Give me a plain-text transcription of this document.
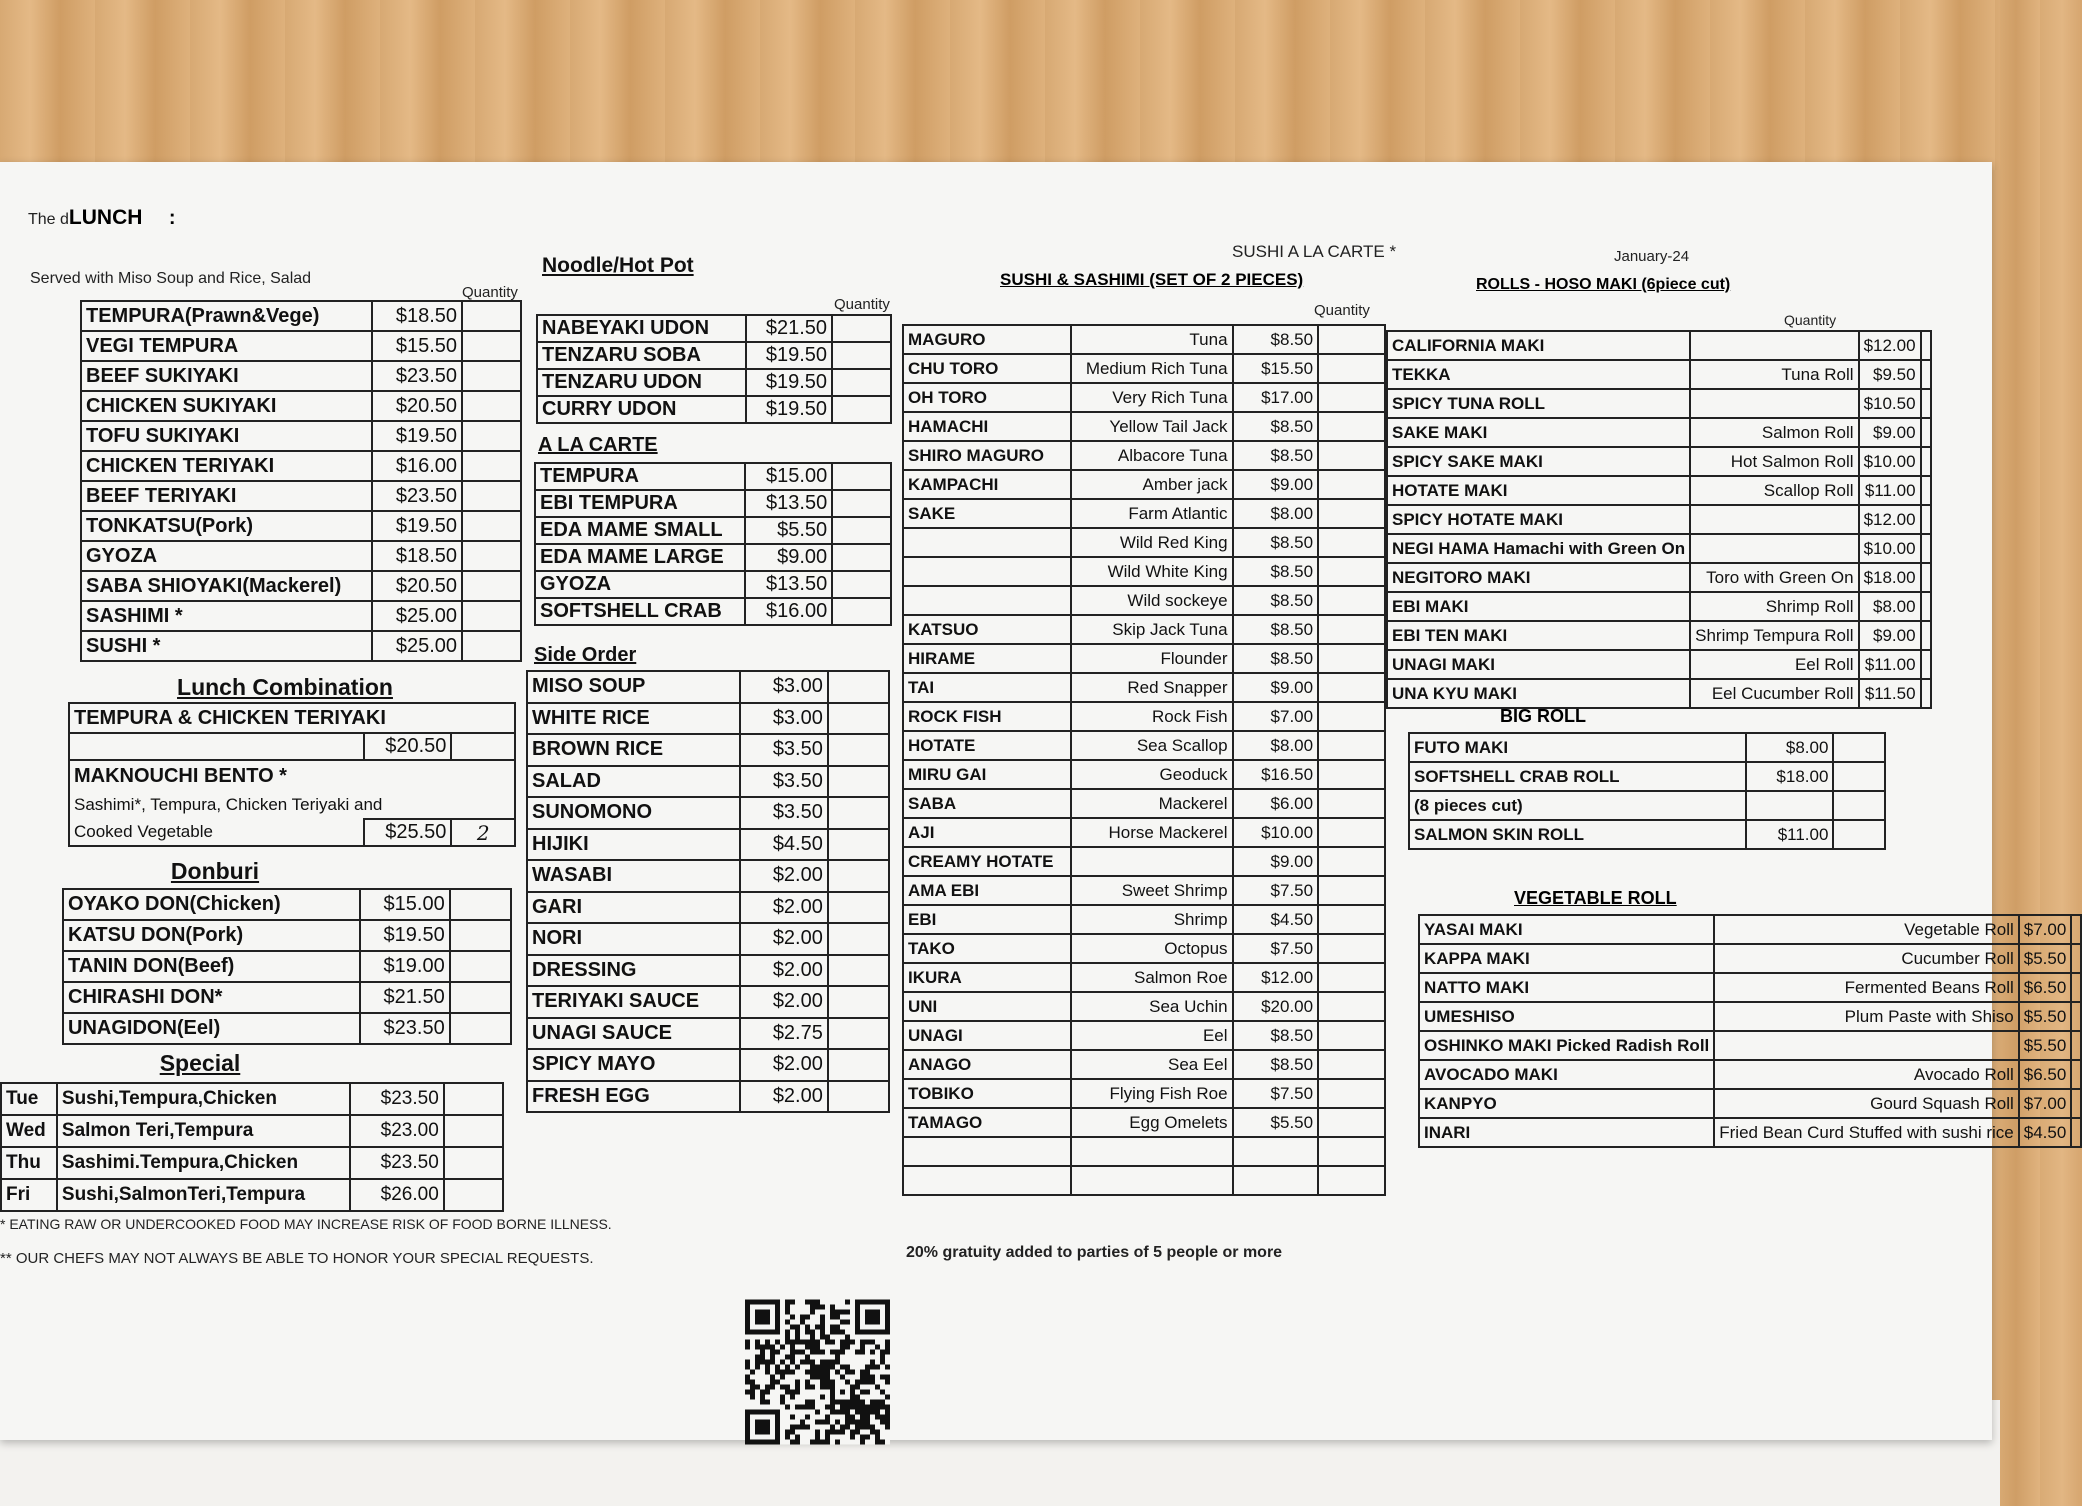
The dLUNCH :
Served with Miso Soup and Rice, Salad
Quantity
TEMPURA(Prawn&Vege)	$18.50	
VEGI TEMPURA	$15.50	
BEEF SUKIYAKI	$23.50	
CHICKEN SUKIYAKI	$20.50	
TOFU SUKIYAKI	$19.50	
CHICKEN TERIYAKI	$16.00	
BEEF TERIYAKI	$23.50	
TONKATSU(Pork)	$19.50	
GYOZA	$18.50	
SABA SHIOYAKI(Mackerel)	$20.50	
SASHIMI *	$25.00	
SUSHI *	$25.00	
Lunch Combination
TEMPURA & CHICKEN TERIYAKI		
	$20.50	
MAKNOUCHI BENTO *		
Sashimi*, Tempura, Chicken Teriyaki and		
Cooked Vegetable	$25.50	2
Donburi
OYAKO DON(Chicken)	$15.00	
KATSU DON(Pork)	$19.50	
TANIN DON(Beef)	$19.00	
CHIRASHI DON*	$21.50	
UNAGIDON(Eel)	$23.50	
Special
Tue	Sushi,Tempura,Chicken	$23.50	
Wed	Salmon Teri,Tempura	$23.00	
Thu	Sashimi.Tempura,Chicken	$23.50	
Fri	Sushi,SalmonTeri,Tempura	$26.00	
* EATING RAW OR UNDERCOOKED FOOD MAY INCREASE RISK OF FOOD BORNE ILLNESS.
** OUR CHEFS MAY NOT ALWAYS BE ABLE TO HONOR YOUR SPECIAL REQUESTS.
Noodle/Hot Pot
Quantity
NABEYAKI UDON	$21.50	
TENZARU SOBA	$19.50	
TENZARU UDON	$19.50	
CURRY UDON	$19.50	
A LA CARTE
TEMPURA	$15.00	
EBI TEMPURA	$13.50	
EDA MAME SMALL	$5.50	
EDA MAME LARGE	$9.00	
GYOZA	$13.50	
SOFTSHELL CRAB	$16.00	
Side Order
MISO SOUP	$3.00	
WHITE RICE	$3.00	
BROWN RICE	$3.50	
SALAD	$3.50	
SUNOMONO	$3.50	
HIJIKI	$4.50	
WASABI	$2.00	
GARI	$2.00	
NORI	$2.00	
DRESSING	$2.00	
TERIYAKI SAUCE	$2.00	
UNAGI SAUCE	$2.75	
SPICY MAYO	$2.00	
FRESH EGG	$2.00	
SUSHI A LA CARTE *
SUSHI & SASHIMI (SET OF 2 PIECES)
Quantity
MAGURO	Tuna	$8.50	
CHU TORO	Medium Rich Tuna	$15.50	
OH TORO	Very Rich Tuna	$17.00	
HAMACHI	Yellow Tail Jack	$8.50	
SHIRO MAGURO	Albacore Tuna	$8.50	
KAMPACHI	Amber jack	$9.00	
SAKE	Farm Atlantic	$8.00	
	Wild Red King	$8.50	
	Wild White King	$8.50	
	Wild sockeye	$8.50	
KATSUO	Skip Jack Tuna	$8.50	
HIRAME	Flounder	$8.50	
TAI	Red Snapper	$9.00	
ROCK FISH	Rock Fish	$7.00	
HOTATE	Sea Scallop	$8.00	
MIRU GAI	Geoduck	$16.50	
SABA	Mackerel	$6.00	
AJI	Horse Mackerel	$10.00	
CREAMY HOTATE		$9.00	
AMA EBI	Sweet Shrimp	$7.50	
EBI	Shrimp	$4.50	
TAKO	Octopus	$7.50	
IKURA	Salmon Roe	$12.00	
UNI	Sea Uchin	$20.00	
UNAGI	Eel	$8.50	
ANAGO	Sea Eel	$8.50	
TOBIKO	Flying Fish Roe	$7.50	
TAMAGO	Egg Omelets	$5.50	

20% gratuity added to parties of 5 people or more
January-24
ROLLS - HOSO MAKI (6piece cut)
Quantity
CALIFORNIA MAKI		$12.00	
TEKKA	Tuna Roll	$9.50	
SPICY TUNA ROLL		$10.50	
SAKE MAKI	Salmon Roll	$9.00	
SPICY SAKE MAKI	Hot Salmon Roll	$10.00	
HOTATE MAKI	Scallop Roll	$11.00	
SPICY HOTATE MAKI		$12.00	
NEGI HAMA Hamachi with Green On		$10.00	
NEGITORO MAKI	Toro with Green On	$18.00	
EBI MAKI	Shrimp Roll	$8.00	
EBI TEN MAKI	Shrimp Tempura Roll	$9.00	
UNAGI MAKI	Eel Roll	$11.00	
UNA KYU MAKI	Eel Cucumber Roll	$11.50	
BIG ROLL
FUTO MAKI	$8.00	
SOFTSHELL CRAB ROLL	$18.00	
(8 pieces cut)		
SALMON SKIN ROLL	$11.00	
VEGETABLE ROLL
YASAI MAKI	Vegetable Roll	$7.00	
KAPPA MAKI	Cucumber Roll	$5.50	
NATTO MAKI	Fermented Beans Roll	$6.50	
UMESHISO	Plum Paste with Shiso	$5.50	
OSHINKO MAKI Picked Radish Roll		$5.50	
AVOCADO MAKI	Avocado Roll	$6.50	
KANPYO	Gourd Squash Roll	$7.00	
INARI	Fried Bean Curd Stuffed with sushi rice	$4.50	
